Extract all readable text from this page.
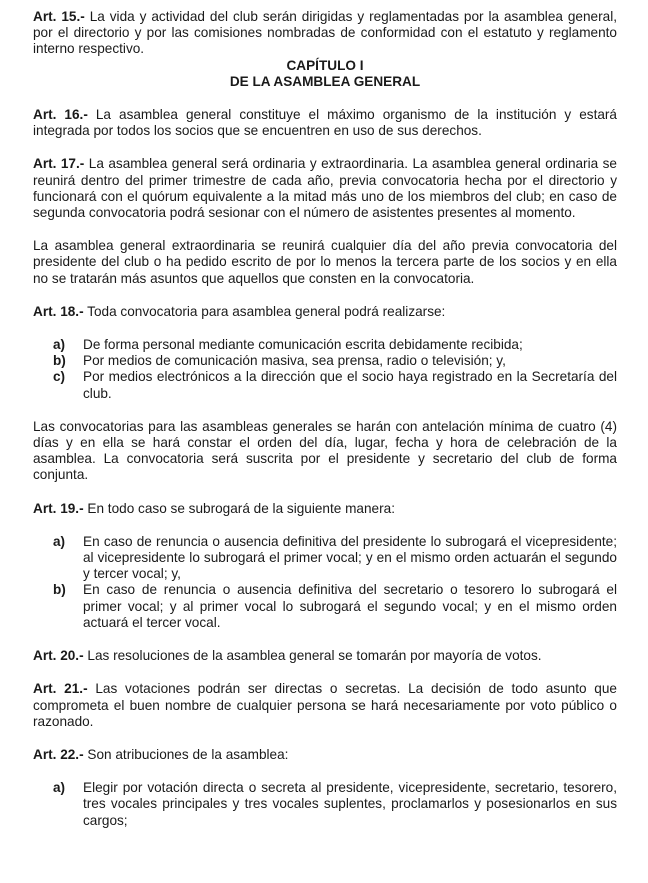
Art. 15.- La vida y actividad del club serán dirigidas y reglamentadas por la asamblea general, por el directorio y por las comisiones nombradas de conformidad con el estatuto y reglamento interno respectivo.

CAPÍTULO I

DE LA ASAMBLEA GENERAL

Art. 16.- La asamblea general constituye el máximo organismo de la institución y estará integrada por todos los socios que se encuentren en uso de sus derechos.

Art. 17.- La asamblea general será ordinaria y extraordinaria. La asamblea general ordinaria se reunirá dentro del primer trimestre de cada año, previa convocatoria hecha por el directorio y funcionará con el quórum equivalente a la mitad más uno de los miembros del club; en caso de segunda convocatoria podrá sesionar con el número de asistentes presentes al momento.

La asamblea general extraordinaria se reunirá cualquier día del año previa convocatoria del presidente del club o ha pedido escrito de por lo menos la tercera parte de los socios y en ella no se tratarán más asuntos que aquellos que consten en la convocatoria.

Art. 18.- Toda convocatoria para asamblea general podrá realizarse:

a)	De forma personal mediante comunicación escrita debidamente recibida;
b)	Por medios de comunicación masiva, sea prensa, radio o televisión; y,
c)	Por medios electrónicos a la dirección que el socio haya registrado en la Secretaría del club.

Las convocatorias para las asambleas generales se harán con antelación mínima de cuatro (4) días y en ella se hará constar el orden del día, lugar, fecha y hora de celebración de la asamblea. La convocatoria será suscrita por el presidente y secretario del club de forma conjunta.

Art. 19.- En todo caso se subrogará de la siguiente manera:

a)	En caso de renuncia o ausencia definitiva del presidente lo subrogará el vicepresidente; al vicepresidente lo subrogará el primer vocal; y en el mismo orden actuarán el segundo y tercer vocal; y,
b)	En caso de renuncia o ausencia definitiva del secretario o tesorero lo subrogará el primer vocal; y al primer vocal lo subrogará el segundo vocal; y en el mismo orden actuará el tercer vocal.

Art. 20.- Las resoluciones de la asamblea general se tomarán por mayoría de votos.

Art. 21.- Las votaciones podrán ser directas o secretas. La decisión de todo asunto que comprometa el buen nombre de cualquier persona se hará necesariamente por voto público o razonado.

Art. 22.- Son atribuciones de la asamblea:

a)	Elegir por votación directa o secreta al presidente, vicepresidente, secretario, tesorero, tres vocales principales y tres vocales suplentes, proclamarlos y posesionarlos en sus cargos;
